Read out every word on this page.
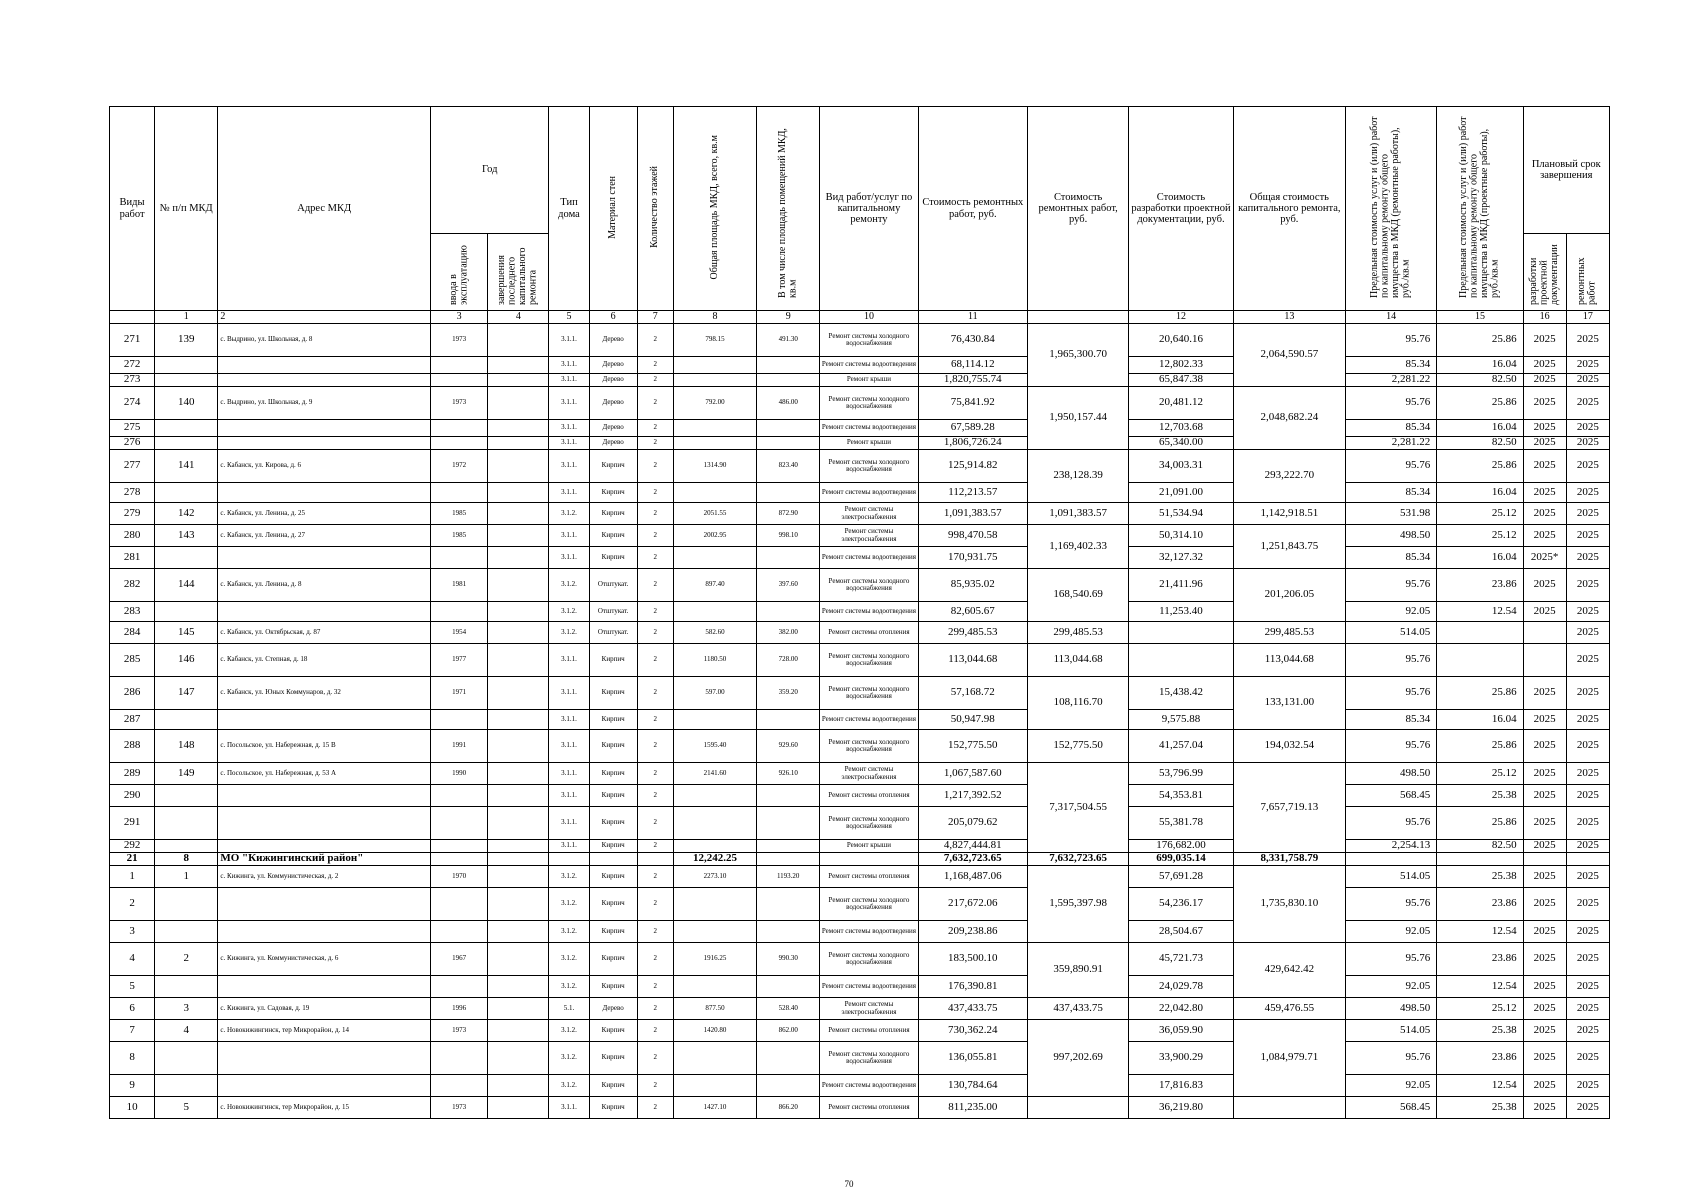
Виды работ	№ п/п МКД	Адрес МКД	Год		Тип дома	Материал стен	Количество этажей	Общая площадь МКД, всего, кв.м	В том числе площадь помещений МКД, кв.м	Вид работ/услуг по капитальному ремонту	Стоимость ремонтных работ, руб.	Стоимость ремонтных работ, руб.	Стоимость разработки проектной документации, руб.	Общая стоимость капитального ремонта, руб.	Предельная стоимость услуг и (или) работ по капитальному ремонту общего имущества в МКД (ремонтные работы), руб./кв.м	Предельная стоимость услуг и (или) работ по капитальному ремонту общего имущества в МКД (проектные работы), руб./кв.м	Плановый срок завершения	
			ввода в эксплуатацию	завершения последнего капитального ремонта													разработки проектной документации	ремонтных работ
	1	2	3	4	5	6	7	8	9	10	11		12	13	14	15	16	17
271	139	с. Выдрино, ул. Школьная, д. 8	1973		3.1.1.	Дерево	2	798.15	491.30	Ремонт системы холодного водоснабжения	76,430.84	1,965,300.70	20,640.16	2,064,590.57	95.76	25.86	2025	2025
272					3.1.1.	Дерево	2			Ремонт системы водоотведения	68,114.12		12,802.33		85.34	16.04	2025	2025
273					3.1.1.	Дерево	2			Ремонт крыши	1,820,755.74		65,847.38		2,281.22	82.50	2025	2025
274	140	с. Выдрино, ул. Школьная, д. 9	1973		3.1.1.	Дерево	2	792.00	486.00	Ремонт системы холодного водоснабжения	75,841.92	1,950,157.44	20,481.12	2,048,682.24	95.76	25.86	2025	2025
275					3.1.1.	Дерево	2			Ремонт системы водоотведения	67,589.28		12,703.68		85.34	16.04	2025	2025
276					3.1.1.	Дерево	2			Ремонт крыши	1,806,726.24		65,340.00		2,281.22	82.50	2025	2025
277	141	с. Кабанск, ул. Кирова, д. 6	1972		3.1.1.	Кирпич	2	1314.90	823.40	Ремонт системы холодного водоснабжения	125,914.82	238,128.39	34,003.31	293,222.70	95.76	25.86	2025	2025
278					3.1.1.	Кирпич	2			Ремонт системы водоотведения	112,213.57		21,091.00		85.34	16.04	2025	2025
279	142	с. Кабанск, ул. Ленина, д. 25	1985		3.1.2.	Кирпич	2	2051.55	872.90	Ремонт системы электроснабжения	1,091,383.57	1,091,383.57	51,534.94	1,142,918.51	531.98	25.12	2025	2025
280	143	с. Кабанск, ул. Ленина, д. 27	1985		3.1.1.	Кирпич	2	2002.95	998.10	Ремонт системы электроснабжения	998,470.58	1,169,402.33	50,314.10	1,251,843.75	498.50	25.12	2025	2025
281					3.1.1.	Кирпич	2			Ремонт системы водоотведения	170,931.75		32,127.32		85.34	16.04	2025*	2025
282	144	с. Кабанск, ул. Ленина, д. 8	1981		3.1.2.	Отштукат.	2	897.40	397.60	Ремонт системы холодного водоснабжения	85,935.02	168,540.69	21,411.96	201,206.05	95.76	23.86	2025	2025
283					3.1.2.	Отштукат.	2			Ремонт системы водоотведения	82,605.67		11,253.40		92.05	12.54	2025	2025
284	145	с. Кабанск, ул. Октябрьская, д. 87	1954		3.1.2.	Отштукат.	2	582.60	382.00	Ремонт системы отопления	299,485.53	299,485.53		299,485.53	514.05			2025
285	146	с. Кабанск, ул. Степная, д. 18	1977		3.1.1.	Кирпич	2	1180.50	728.00	Ремонт системы холодного водоснабжения	113,044.68	113,044.68		113,044.68	95.76			2025
286	147	с. Кабанск, ул. Юных Коммунаров, д. 32	1971		3.1.1.	Кирпич	2	597.00	359.20	Ремонт системы холодного водоснабжения	57,168.72	108,116.70	15,438.42	133,131.00	95.76	25.86	2025	2025
287					3.1.1.	Кирпич	2			Ремонт системы водоотведения	50,947.98		9,575.88		85.34	16.04	2025	2025
288	148	с. Посольское, ул. Набережная, д. 15 В	1991		3.1.1.	Кирпич	2	1595.40	929.60	Ремонт системы холодного водоснабжения	152,775.50	152,775.50	41,257.04	194,032.54	95.76	25.86	2025	2025
289	149	с. Посольское, ул. Набережная, д. 53 А	1990		3.1.1.	Кирпич	2	2141.60	926.10	Ремонт системы электроснабжения	1,067,587.60	7,317,504.55	53,796.99	7,657,719.13	498.50	25.12	2025	2025
290					3.1.1.	Кирпич	2			Ремонт системы отопления	1,217,392.52		54,353.81		568.45	25.38	2025	2025
291					3.1.1.	Кирпич	2			Ремонт системы холодного водоснабжения	205,079.62		55,381.78		95.76	25.86	2025	2025
292					3.1.1.	Кирпич	2			Ремонт крыши	4,827,444.81		176,682.00		2,254.13	82.50	2025	2025
21	8	МО "Кижингинский район"						12,242.25			7,632,723.65	7,632,723.65	699,035.14	8,331,758.79				
1	1	с. Кижинга, ул. Коммунистическая, д. 2	1970		3.1.2.	Кирпич	2	2273.10	1193.20	Ремонт системы отопления	1,168,487.06	1,595,397.98	57,691.28	1,735,830.10	514.05	25.38	2025	2025
2					3.1.2.	Кирпич	2			Ремонт системы холодного водоснабжения	217,672.06		54,236.17		95.76	23.86	2025	2025
3					3.1.2.	Кирпич	2			Ремонт системы водоотведения	209,238.86		28,504.67		92.05	12.54	2025	2025
4	2	с. Кижинга, ул. Коммунистическая, д. 6	1967		3.1.2.	Кирпич	2	1916.25	990.30	Ремонт системы холодного водоснабжения	183,500.10	359,890.91	45,721.73	429,642.42	95.76	23.86	2025	2025
5					3.1.2.	Кирпич	2			Ремонт системы водоотведения	176,390.81		24,029.78		92.05	12.54	2025	2025
6	3	с. Кижинга, ул. Садовая, д. 19	1996		5.1.	Дерево	2	877.50	528.40	Ремонт системы электроснабжения	437,433.75	437,433.75	22,042.80	459,476.55	498.50	25.12	2025	2025
7	4	с. Новокижингинск, тер Микрорайон, д. 14	1973		3.1.2.	Кирпич	2	1420.80	862.00	Ремонт системы отопления	730,362.24	997,202.69	36,059.90	1,084,979.71	514.05	25.38	2025	2025
8					3.1.2.	Кирпич	2			Ремонт системы холодного водоснабжения	136,055.81		33,900.29		95.76	23.86	2025	2025
9					3.1.2.	Кирпич	2			Ремонт системы водоотведения	130,784.64		17,816.83		92.05	12.54	2025	2025
10	5	с. Новокижингинск, тер Микрорайон, д. 15	1973		3.1.1.	Кирпич	2	1427.10	866.20	Ремонт системы отопления	811,235.00		36,219.80		568.45	25.38	2025	2025
70
